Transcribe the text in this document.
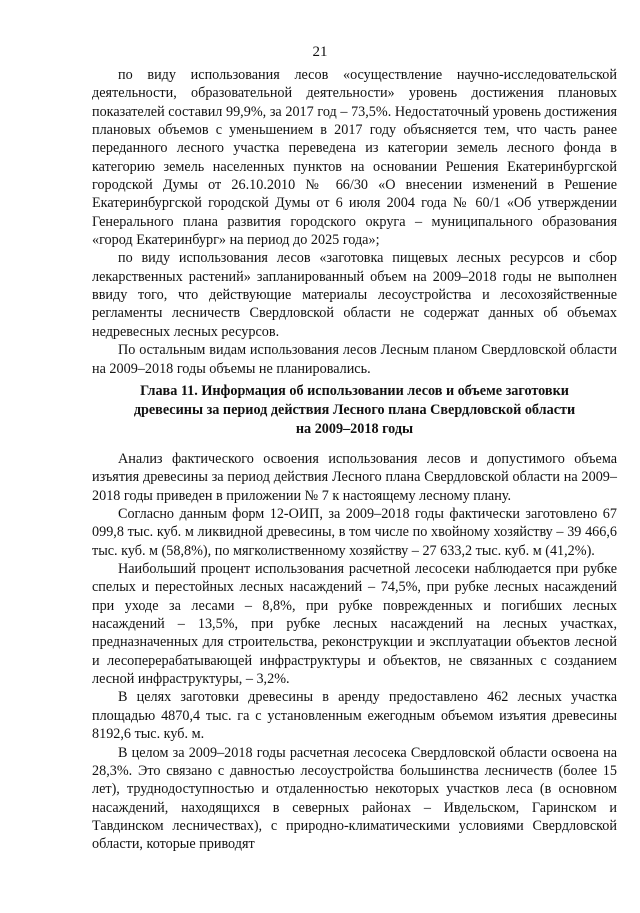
21

по виду использования лесов «осуществление научно-исследовательской деятельности, образовательной деятельности» уровень достижения плановых показателей составил 99,9%, за 2017 год – 73,5%. Недостаточный уровень достижения плановых объемов с уменьшением в 2017 году объясняется тем, что часть ранее переданного лесного участка переведена из категории земель лесного фонда в категорию земель населенных пунктов на основании Решения Екатеринбургской городской Думы от 26.10.2010 № 66/30 «О внесении изменений в Решение Екатеринбургской городской Думы от 6 июля 2004 года № 60/1 «Об утверждении Генерального плана развития городского округа – муниципального образования «город Екатеринбург» на период до 2025 года»;

по виду использования лесов «заготовка пищевых лесных ресурсов и сбор лекарственных растений» запланированный объем на 2009–2018 годы не выполнен ввиду того, что действующие материалы лесоустройства и лесохозяйственные регламенты лесничеств Свердловской области не содержат данных об объемах недревесных лесных ресурсов.

По остальным видам использования лесов Лесным планом Свердловской области на 2009–2018 годы объемы не планировались.

Глава 11. Информация об использовании лесов и объеме заготовки
древесины за период действия Лесного плана Свердловской области
на 2009–2018 годы

Анализ фактического освоения использования лесов и допустимого объема изъятия древесины за период действия Лесного плана Свердловской области на 2009–2018 годы приведен в приложении № 7 к настоящему лесному плану.

Согласно данным форм 12-ОИП, за 2009–2018 годы фактически заготовлено 67 099,8 тыс. куб. м ликвидной древесины, в том числе по хвойному хозяйству – 39 466,6 тыс. куб. м (58,8%), по мягколиственному хозяйству – 27 633,2 тыс. куб. м (41,2%).

Наибольший процент использования расчетной лесосеки наблюдается при рубке спелых и перестойных лесных насаждений – 74,5%, при рубке лесных насаждений при уходе за лесами – 8,8%, при рубке поврежденных и погибших лесных насаждений – 13,5%, при рубке лесных насаждений на лесных участках, предназначенных для строительства, реконструкции и эксплуатации объектов лесной и лесоперерабатывающей инфраструктуры и объектов, не связанных с созданием лесной инфраструктуры, – 3,2%.

В целях заготовки древесины в аренду предоставлено 462 лесных участка площадью 4870,4 тыс. га с установленным ежегодным объемом изъятия древесины 8192,6 тыс. куб. м.

В целом за 2009–2018 годы расчетная лесосека Свердловской области освоена на 28,3%. Это связано с давностью лесоустройства большинства лесничеств (более 15 лет), труднодоступностью и отдаленностью некоторых участков леса (в основном насаждений, находящихся в северных районах – Ивдельском, Гаринском и Тавдинском лесничествах), с природно-климатическими условиями Свердловской области, которые приводят
